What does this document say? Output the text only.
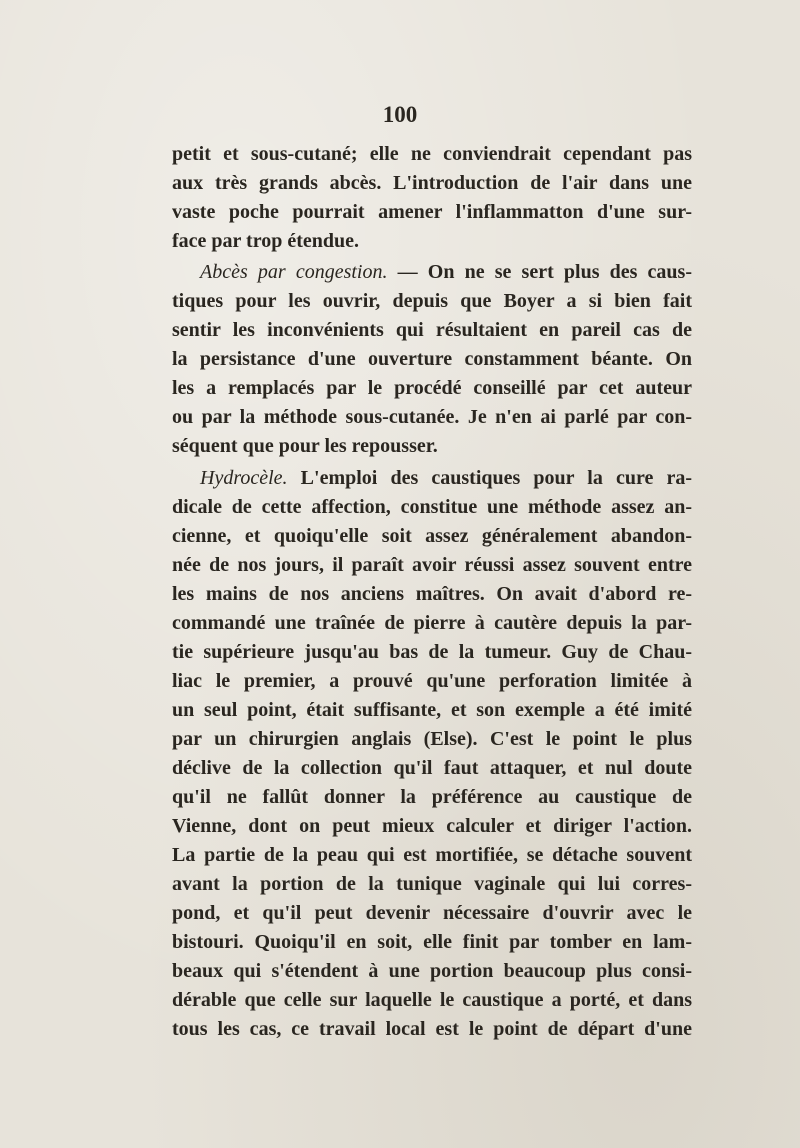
100
petit et sous-cutané; elle ne conviendrait cependant pas
aux très grands abcès. L'introduction de l'air dans une
vaste poche pourrait amener l'inflammatton d'une sur-
face par trop étendue.
Abcès par congestion. — On ne se sert plus des caus-
tiques pour les ouvrir, depuis que Boyer a si bien fait
sentir les inconvénients qui résultaient en pareil cas de
la persistance d'une ouverture constamment béante. On
les a remplacés par le procédé conseillé par cet auteur
ou par la méthode sous-cutanée. Je n'en ai parlé par con-
séquent que pour les repousser.
Hydrocèle. L'emploi des caustiques pour la cure ra-
dicale de cette affection, constitue une méthode assez an-
cienne, et quoiqu'elle soit assez généralement abandon-
née de nos jours, il paraît avoir réussi assez souvent entre
les mains de nos anciens maîtres. On avait d'abord re-
commandé une traînée de pierre à cautère depuis la par-
tie supérieure jusqu'au bas de la tumeur. Guy de Chau-
liac le premier, a prouvé qu'une perforation limitée à
un seul point, était suffisante, et son exemple a été imité
par un chirurgien anglais (Else). C'est le point le plus
déclive de la collection qu'il faut attaquer, et nul doute
qu'il ne fallût donner la préférence au caustique de
Vienne, dont on peut mieux calculer et diriger l'action.
La partie de la peau qui est mortifiée, se détache souvent
avant la portion de la tunique vaginale qui lui corres-
pond, et qu'il peut devenir nécessaire d'ouvrir avec le
bistouri. Quoiqu'il en soit, elle finit par tomber en lam-
beaux qui s'étendent à une portion beaucoup plus consi-
dérable que celle sur laquelle le caustique a porté, et dans
tous les cas, ce travail local est le point de départ d'une
